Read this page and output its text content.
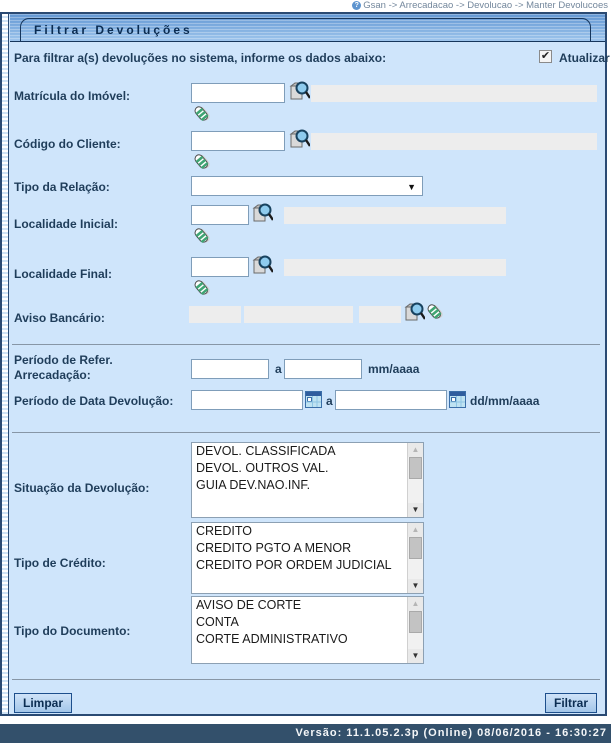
? Gsan -> Arrecadacao -> Devolucao -> Manter Devolucoes
Filtrar Devoluções
Para filtrar a(s) devoluções no sistema, informe os dados abaixo:	✔ Atualizar
Matrícula do Imóvel:
Código do Cliente:
Tipo da Relação:	▼
Localidade Inicial:
Localidade Final:
Aviso Bancário:
Período de Refer.
Arrecadação:	a	mm/aaaa
Período de Data Devolução:	a	dd/mm/aaaa
Situação da Devolução:
DEVOL. CLASSIFICADA
DEVOL. OUTROS VAL.
GUIA DEV.NAO.INF.
▲
▼
Tipo de Crédito:
CREDITO
CREDITO PGTO A MENOR
CREDITO POR ORDEM JUDICIAL
▲
▼
Tipo do Documento:
AVISO DE CORTE
CONTA
CORTE ADMINISTRATIVO
▲
▼
Limpar	Filtrar
Versão: 11.1.05.2.3p (Online) 08/06/2016 - 16:30:27
